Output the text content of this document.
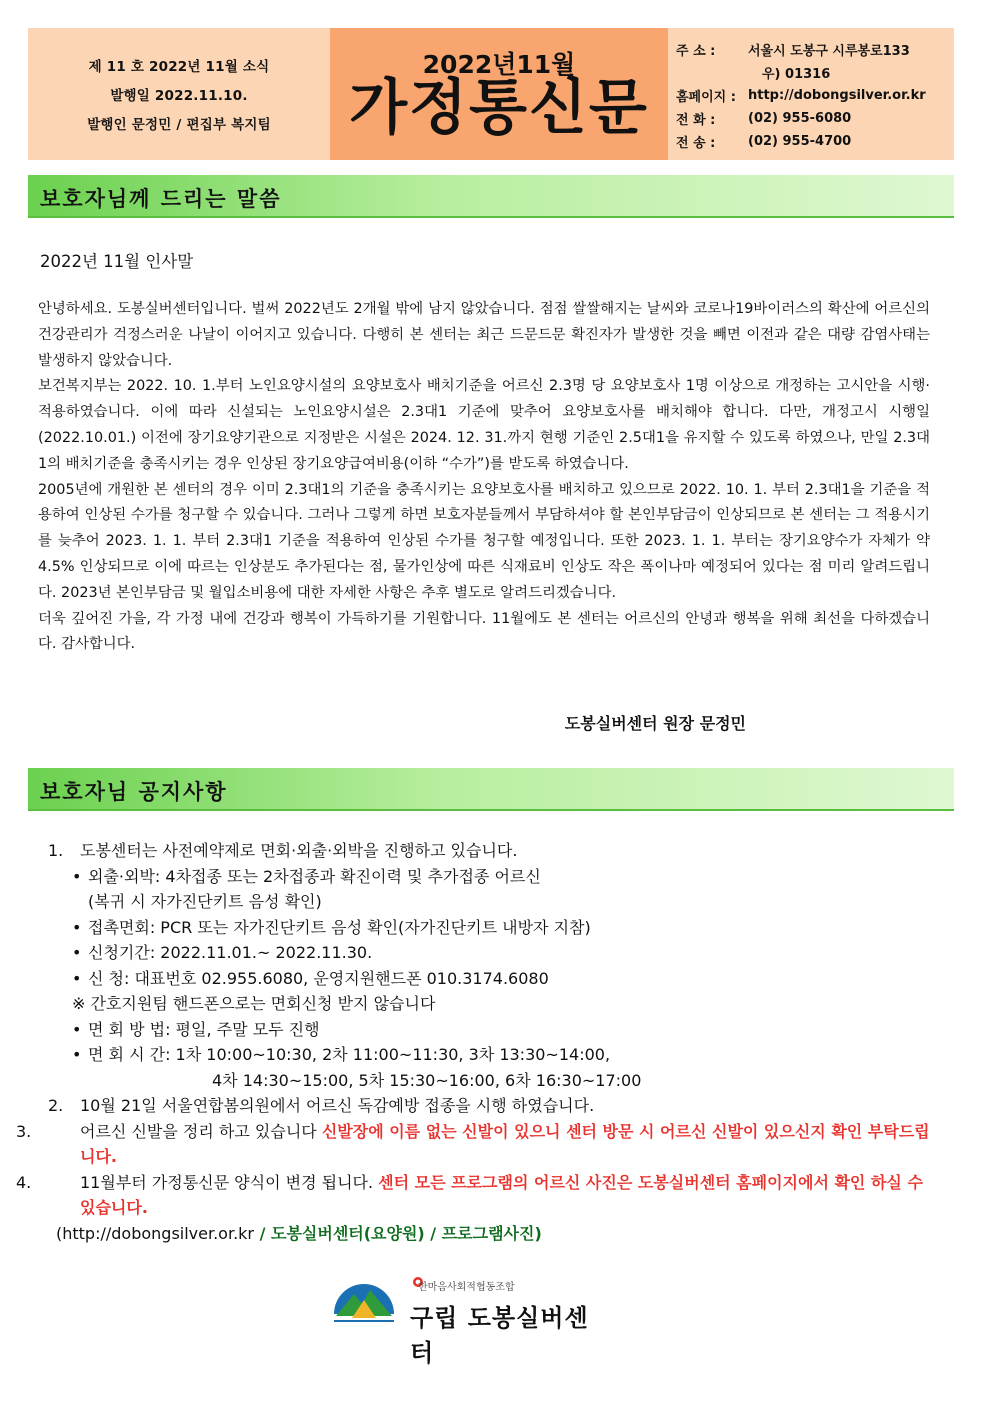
제 11 호 2022년 11월 소식
발행일 2022.11.10.
발행인 문정민 / 편집부 복지팀
2022년11월
가정통신문
주 소 :	서울시 도봉구 시루봉로133
우) 01316
홈페이지 : http://dobongsilver.or.kr
전 화 :	(02) 955-6080
전 송 :	(02) 955-4700
보호자님께 드리는 말씀
2022년 11월 인사말

안녕하세요. 도봉실버센터입니다. 벌써 2022년도 2개월 밖에 남지 않았습니다. 점점 쌀쌀해지는 날씨와 코로나19바이러스의 확산에 어르신의 건강관리가 걱정스러운 나날이 이어지고 있습니다. 다행히 본 센터는 최근 드문드문 확진자가 발생한 것을 빼면 이전과 같은 대량 감염사태는 발생하지 않았습니다.

보건복지부는 2022. 10. 1.부터 노인요양시설의 요양보호사 배치기준을 어르신 2.3명 당 요양보호사 1명 이상으로 개정하는 고시안을 시행·적용하였습니다. 이에 따라 신설되는 노인요양시설은 2.3대1 기준에 맞추어 요양보호사를 배치해야 합니다. 다만, 개정고시 시행일(2022.10.01.) 이전에 장기요양기관으로 지정받은 시설은 2024. 12. 31.까지 현행 기준인 2.5대1을 유지할 수 있도록 하였으나, 만일 2.3대1의 배치기준을 충족시키는 경우 인상된 장기요양급여비용(이하 “수가”)를 받도록 하였습니다.

2005년에 개원한 본 센터의 경우 이미 2.3대1의 기준을 충족시키는 요양보호사를 배치하고 있으므로 2022. 10. 1. 부터 2.3대1을 기준을 적용하여 인상된 수가를 청구할 수 있습니다. 그러나 그렇게 하면 보호자분들께서 부담하셔야 할 본인부담금이 인상되므로 본 센터는 그 적용시기를 늦추어 2023. 1. 1. 부터 2.3대1 기준을 적용하여 인상된 수가를 청구할 예정입니다. 또한 2023. 1. 1. 부터는 장기요양수가 자체가 약 4.5% 인상되므로 이에 따르는 인상분도 추가된다는 점, 물가인상에 따른 식재료비 인상도 작은 폭이나마 예정되어 있다는 점 미리 알려드립니다. 2023년 본인부담금 및 월입소비용에 대한 자세한 사항은 추후 별도로 알려드리겠습니다.

더욱 깊어진 가을, 각 가정 내에 건강과 행복이 가득하기를 기원합니다. 11월에도 본 센터는 어르신의 안녕과 행복을 위해 최선을 다하겠습니다. 감사합니다.

도봉실버센터 원장 문정민
보호자님 공지사항
1. 도봉센터는 사전예약제로 면회·외출·외박을 진행하고 있습니다.
• 외출·외박: 4차접종 또는 2차접종과 확진이력 및 추가접종 어르신
(복귀 시 자가진단키트 음성 확인)
• 접촉면회: PCR 또는 자가진단키트 음성 확인(자가진단키트 내방자 지참)
• 신청기간: 2022.11.01.~ 2022.11.30.
• 신 청: 대표번호 02.955.6080, 운영지원핸드폰 010.3174.6080
※ 간호지원팀 핸드폰으로는 면회신청 받지 않습니다
• 면 회 방 법: 평일, 주말 모두 진행
• 면 회 시 간: 1차 10:00~10:30, 2차 11:00~11:30, 3차 13:30~14:00,
4차 14:30~15:00, 5차 15:30~16:00, 6차 16:30~17:00
2. 10월 21일 서울연합봄의원에서 어르신 독감예방 접종을 시행 하였습니다.
3.	어르신 신발을 정리 하고 있습니다 신발장에 이름 없는 신발이 있으니 센터 방문 시 어르신 신발이 있으신지 확인 부탁드립니다.
4.	11월부터 가정통신문 양식이 변경 됩니다. 센터 모든 프로그램의 어르신 사진은 도봉실버센터 홈페이지에서 확인 하실 수 있습니다.
(http://dobongsilver.or.kr / 도봉실버센터(요양원) / 프로그램사진)
한마음사회적협동조합
구립 도봉실버센터
